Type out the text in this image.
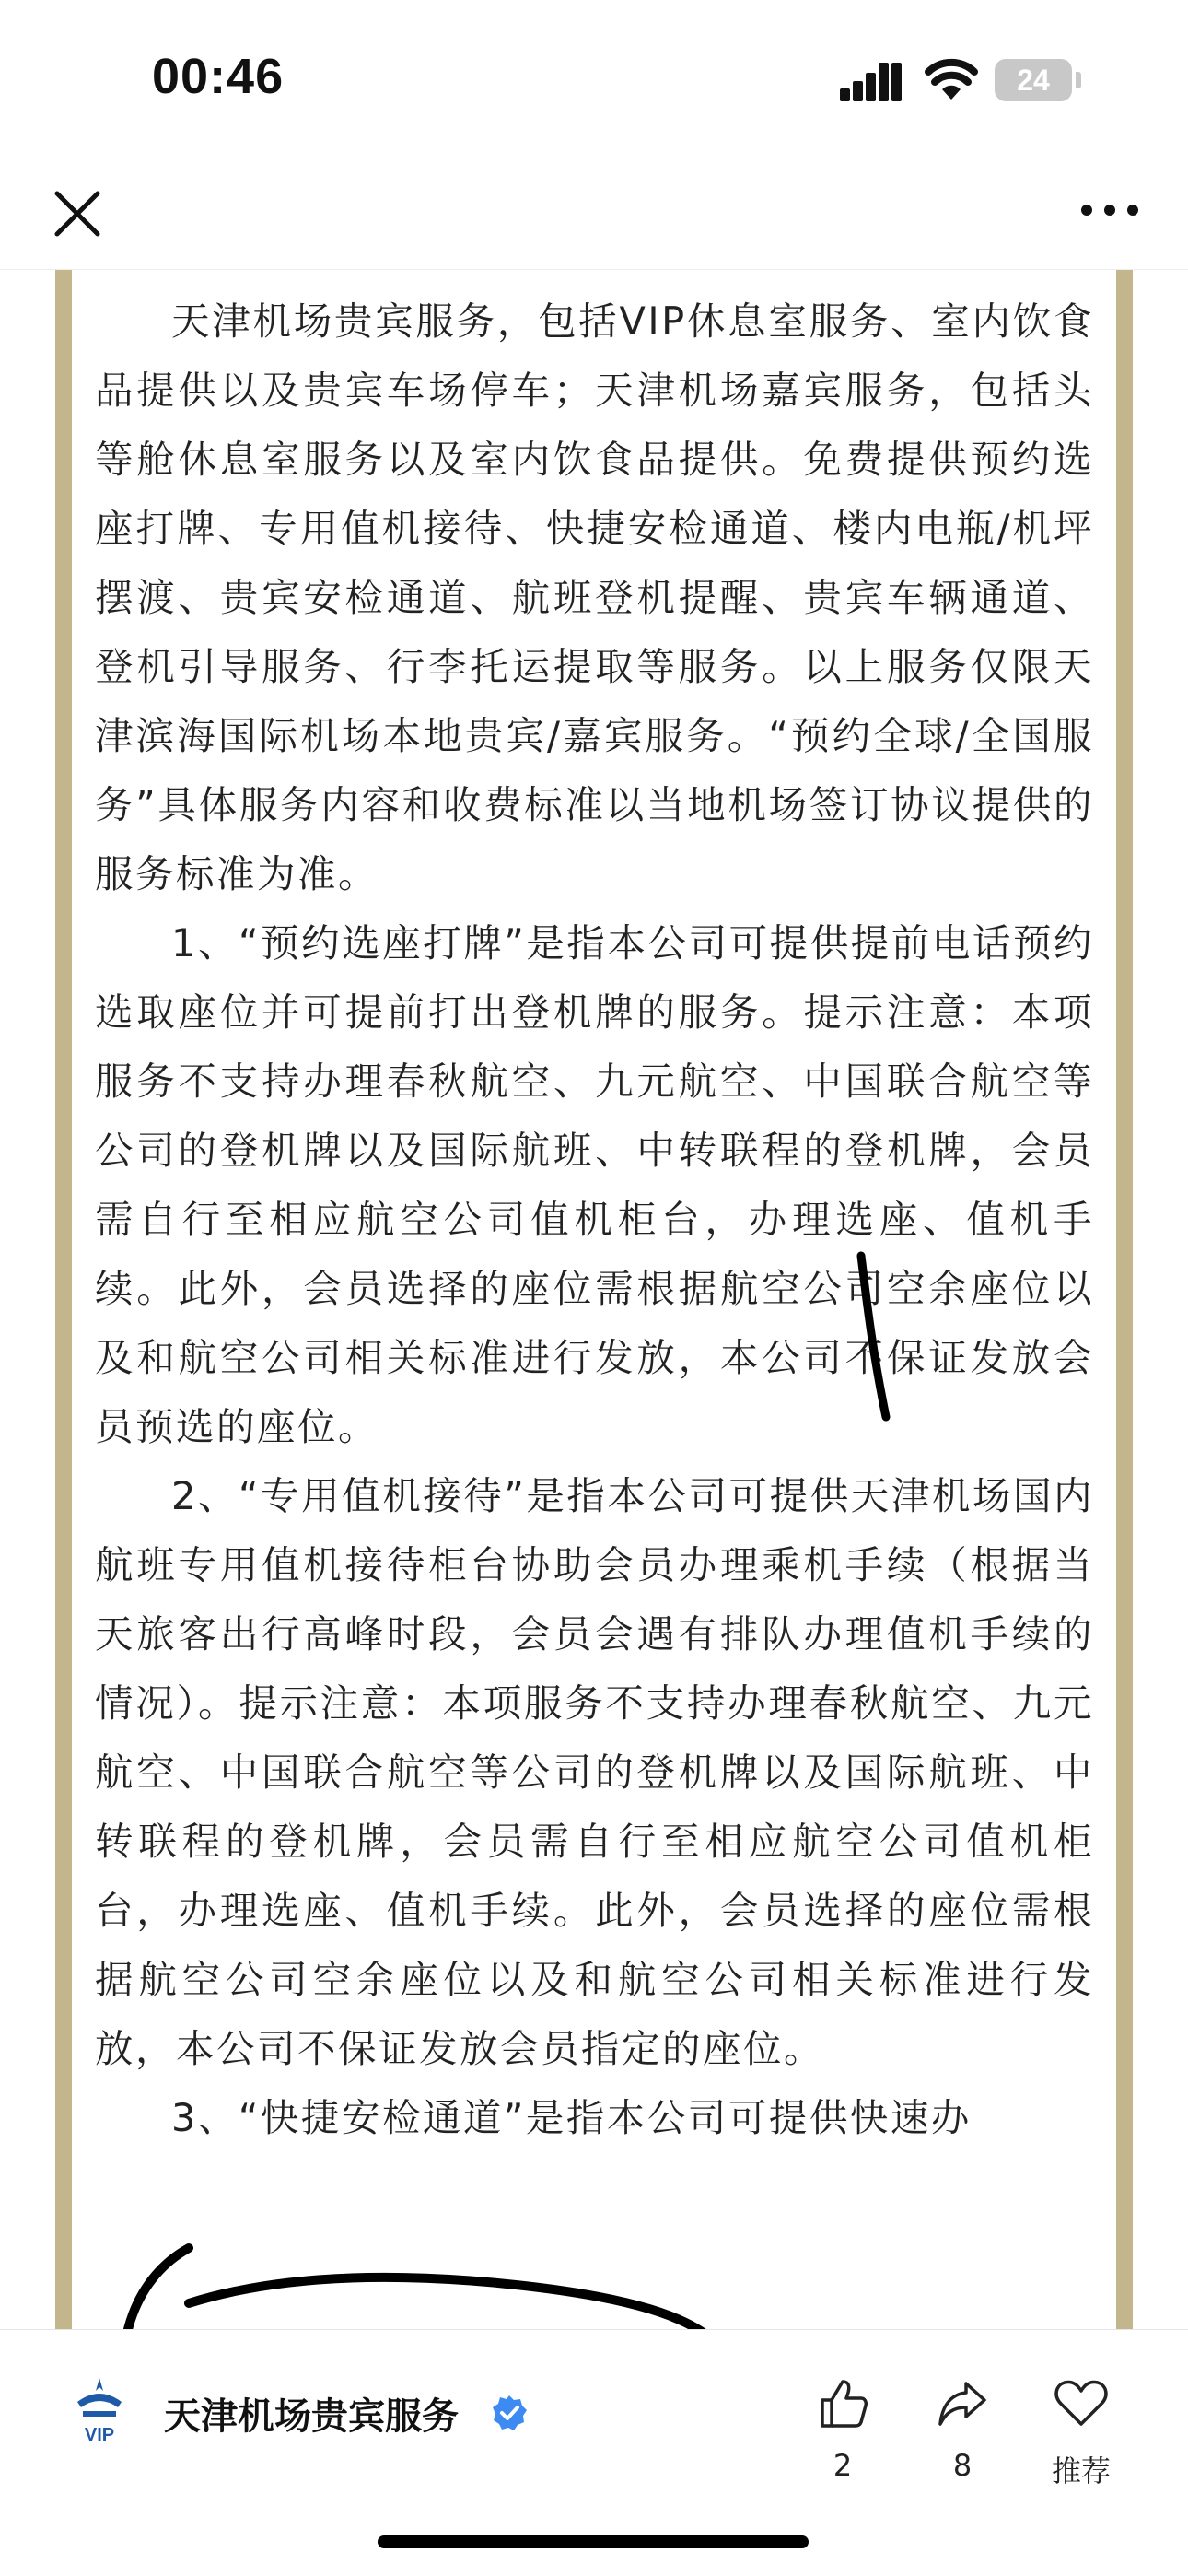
00:46	24

天津机场贵宾服务，包括VIP休息室服务、室内饮食品提供以及贵宾车场停车；天津机场嘉宾服务，包括头等舱休息室服务以及室内饮食品提供。免费提供预约选座打牌、专用值机接待、快捷安检通道、楼内电瓶/机坪摆渡、贵宾安检通道、航班登机提醒、贵宾车辆通道、登机引导服务、行李托运提取等服务。以上服务仅限天津滨海国际机场本地贵宾/嘉宾服务。“预约全球/全国服务”具体服务内容和收费标准以当地机场签订协议提供的服务标准为准。

1、“预约选座打牌”是指本公司可提供提前电话预约选取座位并可提前打出登机牌的服务。提示注意：本项服务不支持办理春秋航空、九元航空、中国联合航空等公司的登机牌以及国际航班、中转联程的登机牌，会员需自行至相应航空公司值机柜台，办理选座、值机手续。此外，会员选择的座位需根据航空公司空余座位以及和航空公司相关标准进行发放，本公司不保证发放会员预选的座位。

2、“专用值机接待”是指本公司可提供天津机场国内航班专用值机接待柜台协助会员办理乘机手续（根据当天旅客出行高峰时段，会员会遇有排队办理值机手续的情况）。提示注意：本项服务不支持办理春秋航空、九元航空、中国联合航空等公司的登机牌以及国际航班、中转联程的登机牌，会员需自行至相应航空公司值机柜台，办理选座、值机手续。此外，会员选择的座位需根据航空公司空余座位以及和航空公司相关标准进行发放，本公司不保证发放会员指定的座位。

3、“快捷安检通道”是指本公司可提供快速办

VIP 天津机场贵宾服务
2	8	推荐
